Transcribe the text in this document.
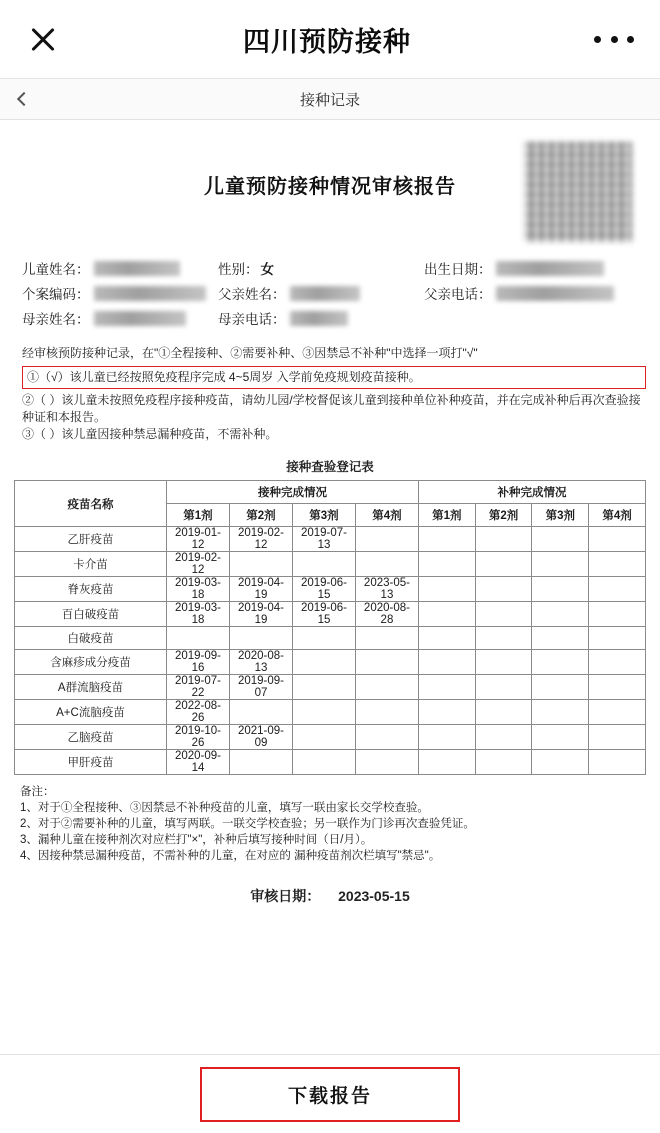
四川预防接种
接种记录
儿童预防接种情况审核报告
儿童姓名：	性别： 女	出生日期：
个案编码：	父亲姓名：	父亲电话：
母亲姓名：	母亲电话：
经审核预防接种记录，在"①全程接种、②需要补种、③因禁忌不补种"中选择一项打"√"
①（√）该儿童已经按照免疫程序完成 4~5周岁 入学前免疫规划疫苗接种。
②（ ）该儿童未按照免疫程序接种疫苗，请幼儿园/学校督促该儿童到接种单位补种疫苗，并在完成补种后再次查验接种证和本报告。
③（ ）该儿童因接种禁忌漏种疫苗，不需补种。
接种查验登记表
疫苗名称	接种完成情况				补种完成情况			
	第1剂	第2剂	第3剂	第4剂	第1剂	第2剂	第3剂	第4剂
乙肝疫苗	2019-01-12	2019-02-12	2019-07-13					
卡介苗	2019-02-12							
脊灰疫苗	2019-03-18	2019-04-19	2019-06-15	2023-05-13				
百白破疫苗	2019-03-18	2019-04-19	2019-06-15	2020-08-28				
白破疫苗								
含麻疹成分疫苗	2019-09-16	2020-08-13						
A群流脑疫苗	2019-07-22	2019-09-07						
A+C流脑疫苗	2022-08-26							
乙脑疫苗	2019-10-26	2021-09-09						
甲肝疫苗	2020-09-14							
备注：
1、对于①全程接种、③因禁忌不补种疫苗的儿童，填写一联由家长交学校查验。
2、对于②需要补种的儿童，填写两联。一联交学校查验；另一联作为门诊再次查验凭证。
3、漏种儿童在接种剂次对应栏打"×"，补种后填写接种时间（日/月）。
4、因接种禁忌漏种疫苗，不需补种的儿童，在对应的 漏种疫苗剂次栏填写"禁忌"。
审核日期： 2023-05-15
下载报告
